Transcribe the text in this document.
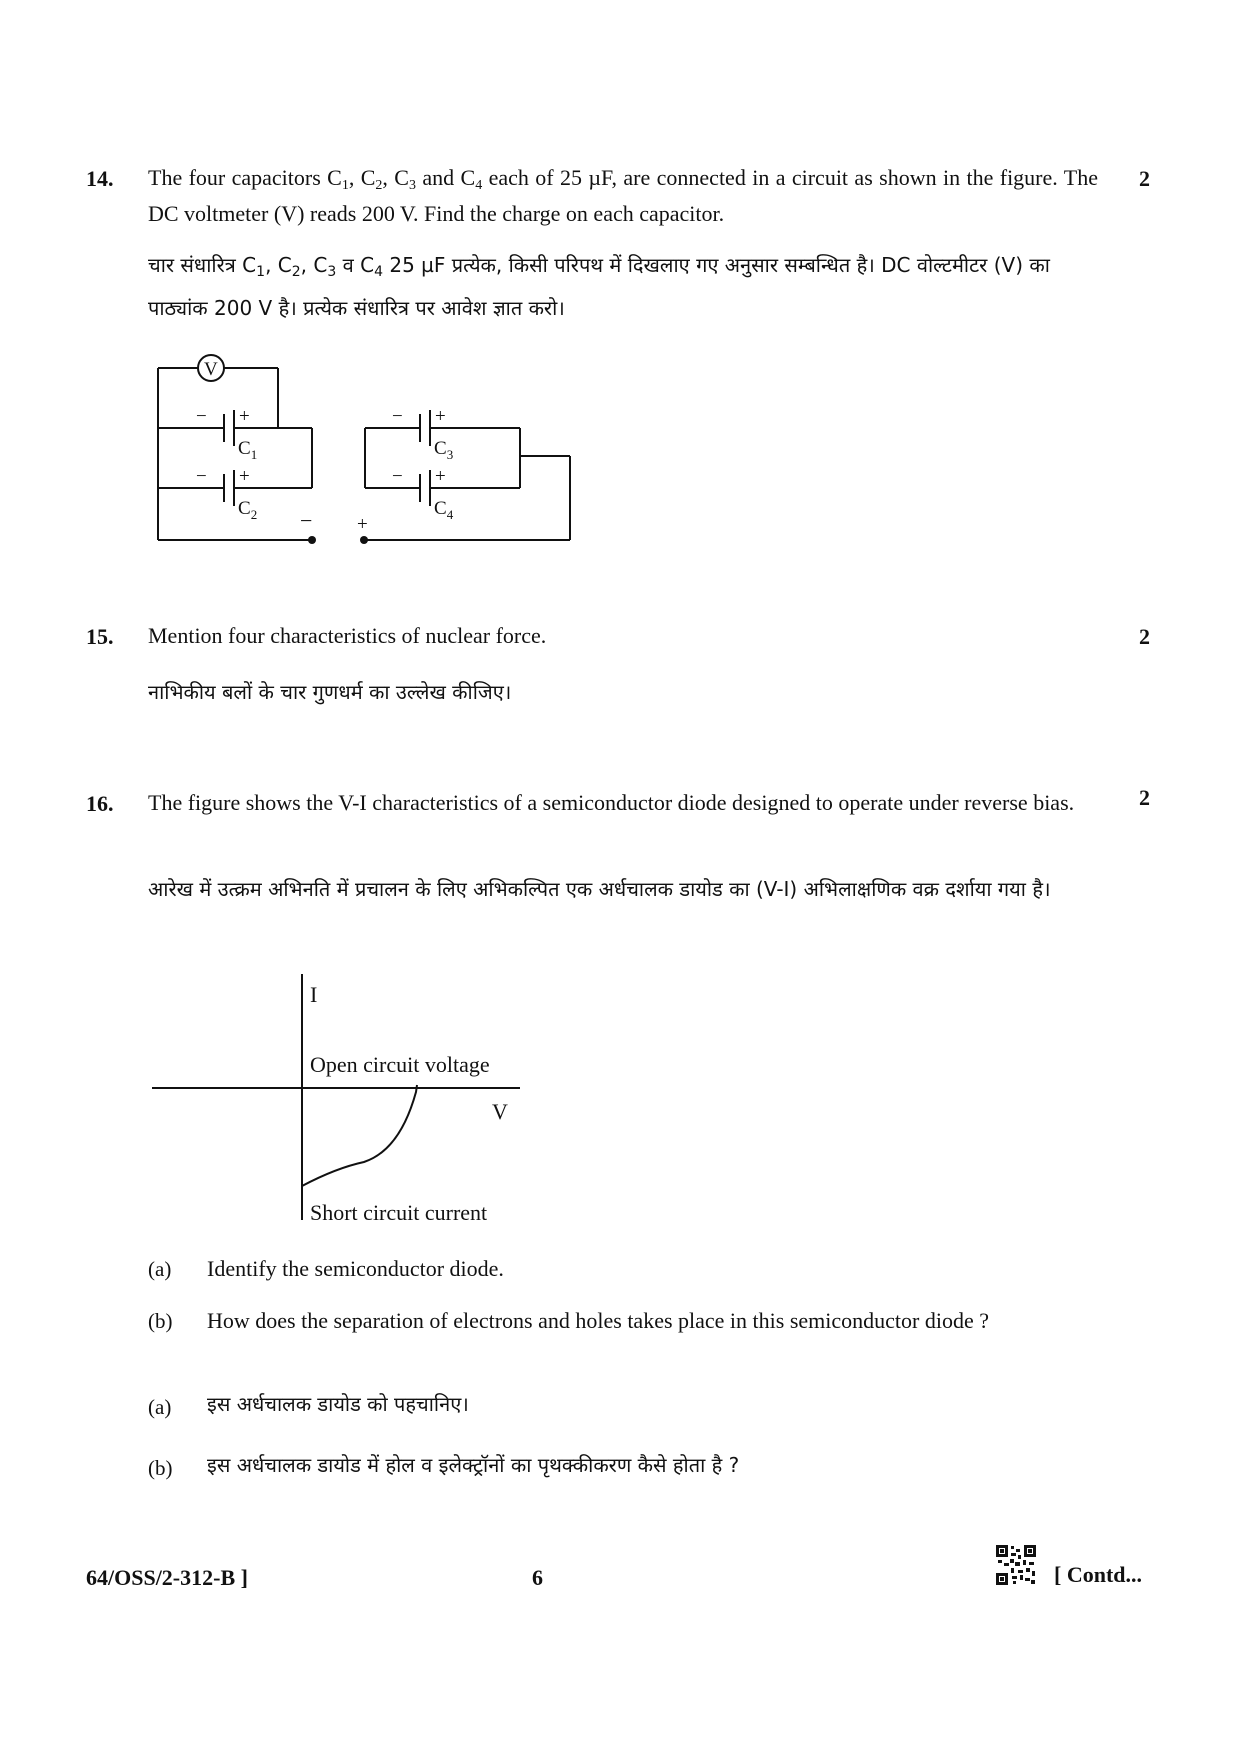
14.	2
The four capacitors $C_1$, $C_2$, $C_3$ and $C_4$ each of 25 µF, are connected in a circuit as shown in the figure. The DC voltmeter (V) reads 200 V. Find the charge on each capacitor.
चार संधारित्र $C_1$, $C_2$, $C_3$ व $C_4$ 25 µF प्रत्येक, किसी परिपथ में दिखलाए गए अनुसार सम्बन्धित है। DC वोल्टमीटर (V) का पाठ्यांक 200 V है। प्रत्येक संधारित्र पर आवेश ज्ञात करो।
V
− +
$C_1$
− +
$C_2$
− +
$C_3$
− +
$C_4$
− +
15.	2
Mention four characteristics of nuclear force.
नाभिकीय बलों के चार गुणधर्म का उल्लेख कीजिए।
16.	2
The figure shows the V-I characteristics of a semiconductor diode designed to operate under reverse bias.
आरेख में उत्क्रम अभिनति में प्रचालन के लिए अभिकल्पित एक अर्धचालक डायोड का (V-I) अभिलाक्षणिक वक्र दर्शाया गया है।
I
V
Open circuit voltage
Short circuit current
(a) Identify the semiconductor diode.
(b) How does the separation of electrons and holes takes place in this semiconductor diode ?
(a) इस अर्धचालक डायोड को पहचानिए।
(b) इस अर्धचालक डायोड में होल व इलेक्ट्रॉनों का पृथक्कीकरण कैसे होता है ?
64/OSS/2-312-B ]	6	[ Contd...
